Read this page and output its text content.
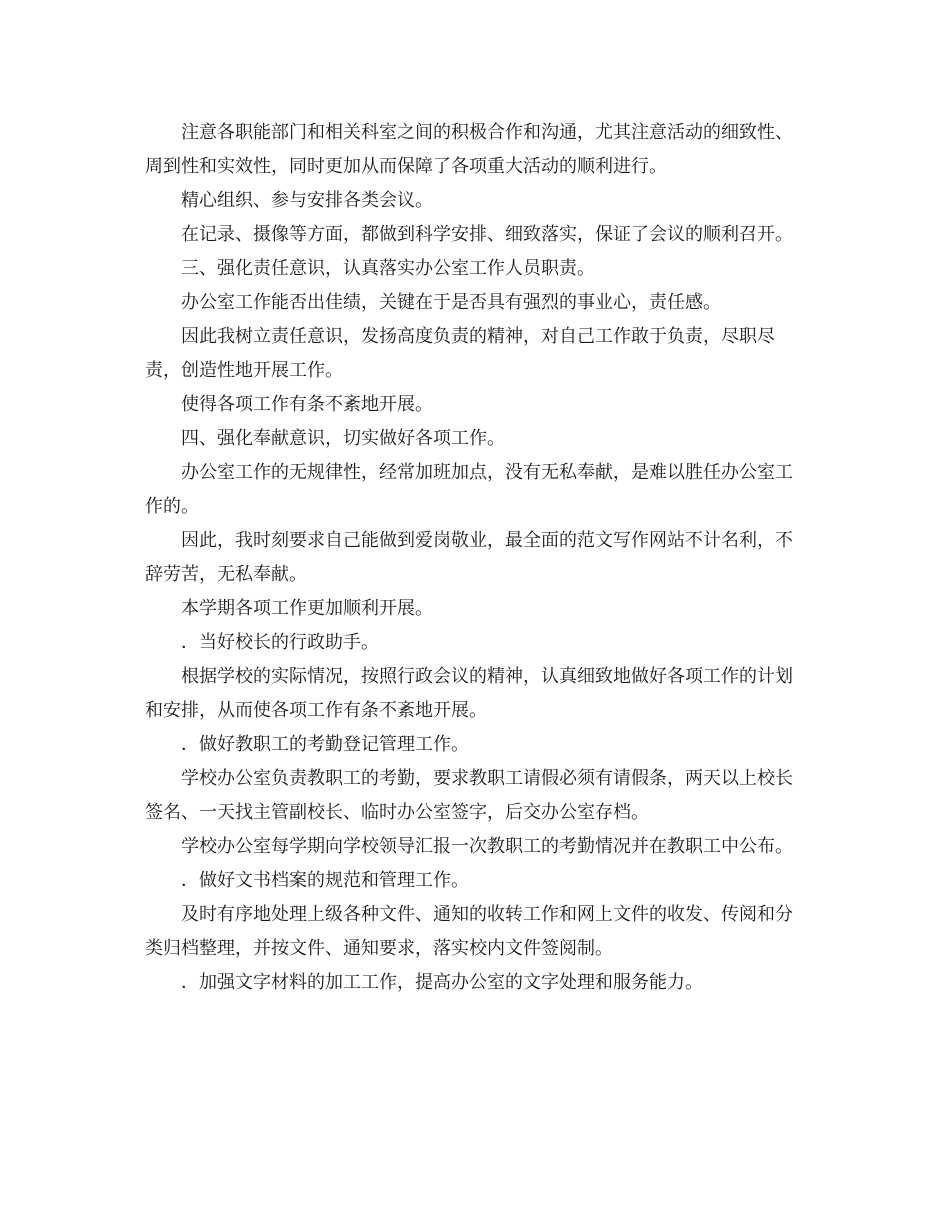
注意各职能部门和相关科室之间的积极合作和沟通，尤其注意活动的细致性、周到性和实效性，同时更加从而保障了各项重大活动的顺利进行。

精心组织、参与安排各类会议。

在记录、摄像等方面，都做到科学安排、细致落实，保证了会议的顺利召开。

三、强化责任意识，认真落实办公室工作人员职责。

办公室工作能否出佳绩，关键在于是否具有强烈的事业心，责任感。

因此我树立责任意识，发扬高度负责的精神，对自己工作敢于负责，尽职尽责，创造性地开展工作。

使得各项工作有条不紊地开展。

四、强化奉献意识，切实做好各项工作。

办公室工作的无规律性，经常加班加点，没有无私奉献，是难以胜任办公室工作的。

因此，我时刻要求自己能做到爱岗敬业，最全面的范文写作网站不计名利，不辞劳苦，无私奉献。

本学期各项工作更加顺利开展。

．当好校长的行政助手。

根据学校的实际情况，按照行政会议的精神，认真细致地做好各项工作的计划和安排，从而使各项工作有条不紊地开展。

．做好教职工的考勤登记管理工作。

学校办公室负责教职工的考勤，要求教职工请假必须有请假条，两天以上校长签名、一天找主管副校长、临时办公室签字，后交办公室存档。

学校办公室每学期向学校领导汇报一次教职工的考勤情况并在教职工中公布。

．做好文书档案的规范和管理工作。

及时有序地处理上级各种文件、通知的收转工作和网上文件的收发、传阅和分类归档整理，并按文件、通知要求，落实校内文件签阅制。

．加强文字材料的加工工作，提高办公室的文字处理和服务能力。
